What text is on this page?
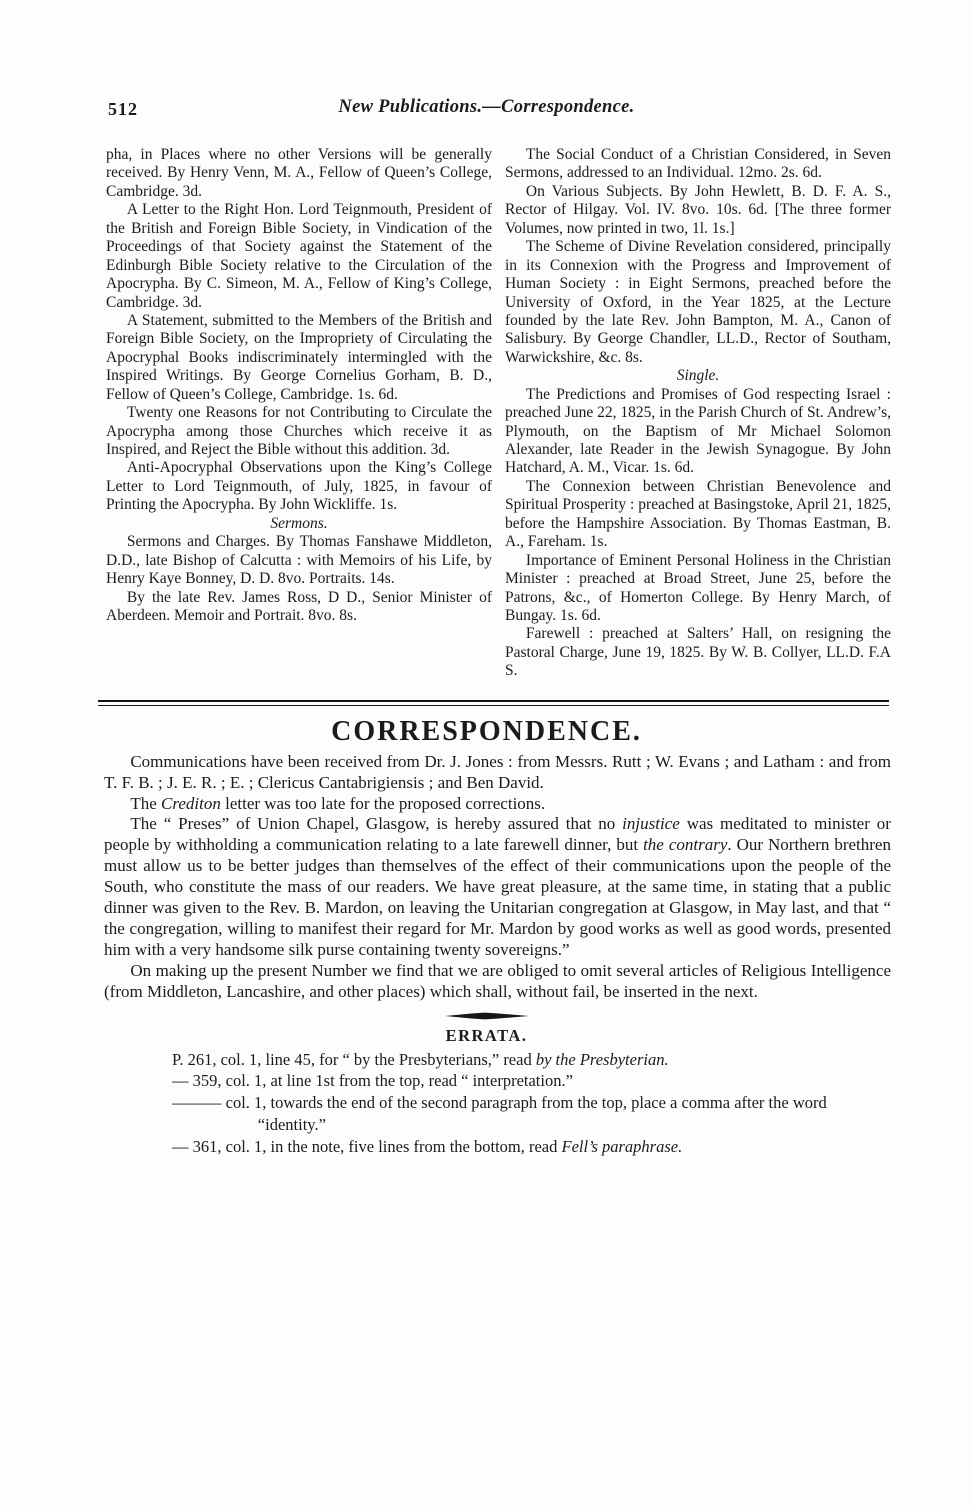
512	New Publications.—Correspondence.

pha, in Places where no other Versions will be generally received. By Henry Venn, M. A., Fellow of Queen’s College, Cambridge. 3d.

A Letter to the Right Hon. Lord Teignmouth, President of the British and Foreign Bible Society, in Vindication of the Proceedings of that Society against the Statement of the Edinburgh Bible Society relative to the Circulation of the Apocrypha. By C. Simeon, M. A., Fellow of King’s College, Cambridge. 3d.

A Statement, submitted to the Members of the British and Foreign Bible Society, on the Impropriety of Circulating the Apocryphal Books indiscriminately intermingled with the Inspired Writings. By George Cornelius Gorham, B. D., Fellow of Queen’s College, Cambridge. 1s. 6d.

Twenty one Reasons for not Contributing to Circulate the Apocrypha among those Churches which receive it as Inspired, and Reject the Bible without this addition. 3d.

Anti-Apocryphal Observations upon the King’s College Letter to Lord Teignmouth, of July, 1825, in favour of Printing the Apocrypha. By John Wickliffe. 1s.

Sermons.

Sermons and Charges. By Thomas Fanshawe Middleton, D.D., late Bishop of Calcutta : with Memoirs of his Life, by Henry Kaye Bonney, D. D. 8vo. Portraits. 14s.

By the late Rev. James Ross, D D., Senior Minister of Aberdeen. Memoir and Portrait. 8vo. 8s.

The Social Conduct of a Christian Considered, in Seven Sermons, addressed to an Individual. 12mo. 2s. 6d.

On Various Subjects. By John Hewlett, B. D. F. A. S., Rector of Hilgay. Vol. IV. 8vo. 10s. 6d. [The three former Volumes, now printed in two, 1l. 1s.]

The Scheme of Divine Revelation considered, principally in its Connexion with the Progress and Improvement of Human Society : in Eight Sermons, preached before the University of Oxford, in the Year 1825, at the Lecture founded by the late Rev. John Bampton, M. A., Canon of Salisbury. By George Chandler, LL.D., Rector of Southam, Warwickshire, &c. 8s.

Single.

The Predictions and Promises of God respecting Israel : preached June 22, 1825, in the Parish Church of St. Andrew’s, Plymouth, on the Baptism of Mr Michael Solomon Alexander, late Reader in the Jewish Synagogue. By John Hatchard, A. M., Vicar. 1s. 6d.

The Connexion between Christian Benevolence and Spiritual Prosperity : preached at Basingstoke, April 21, 1825, before the Hampshire Association. By Thomas Eastman, B. A., Fareham. 1s.

Importance of Eminent Personal Holiness in the Christian Minister : preached at Broad Street, June 25, before the Patrons, &c., of Homerton College. By Henry March, of Bungay. 1s. 6d.

Farewell : preached at Salters’ Hall, on resigning the Pastoral Charge, June 19, 1825. By W. B. Collyer, LL.D. F.A S.

CORRESPONDENCE.

Communications have been received from Dr. J. Jones : from Messrs. Rutt ; W. Evans ; and Latham : and from T. F. B. ; J. E. R. ; E. ; Clericus Cantabrigiensis ; and Ben David.

The Crediton letter was too late for the proposed corrections.

The “ Preses” of Union Chapel, Glasgow, is hereby assured that no injustice was meditated to minister or people by withholding a communication relating to a late farewell dinner, but the contrary. Our Northern brethren must allow us to be better judges than themselves of the effect of their communications upon the people of the South, who constitute the mass of our readers. We have great pleasure, at the same time, in stating that a public dinner was given to the Rev. B. Mardon, on leaving the Unitarian congregation at Glasgow, in May last, and that “ the congregation, willing to manifest their regard for Mr. Mardon by good works as well as good words, presented him with a very handsome silk purse containing twenty sovereigns.”

On making up the present Number we find that we are obliged to omit several articles of Religious Intelligence (from Middleton, Lancashire, and other places) which shall, without fail, be inserted in the next.

ERRATA.

P. 261, col. 1, line 45, for “ by the Presbyterians,” read by the Presbyterian.

— 359, col. 1, at line 1st from the top, read “ interpretation.”

——— col. 1, towards the end of the second paragraph from the top, place a comma after the word “identity.”

— 361, col. 1, in the note, five lines from the bottom, read Fell’s paraphrase.
